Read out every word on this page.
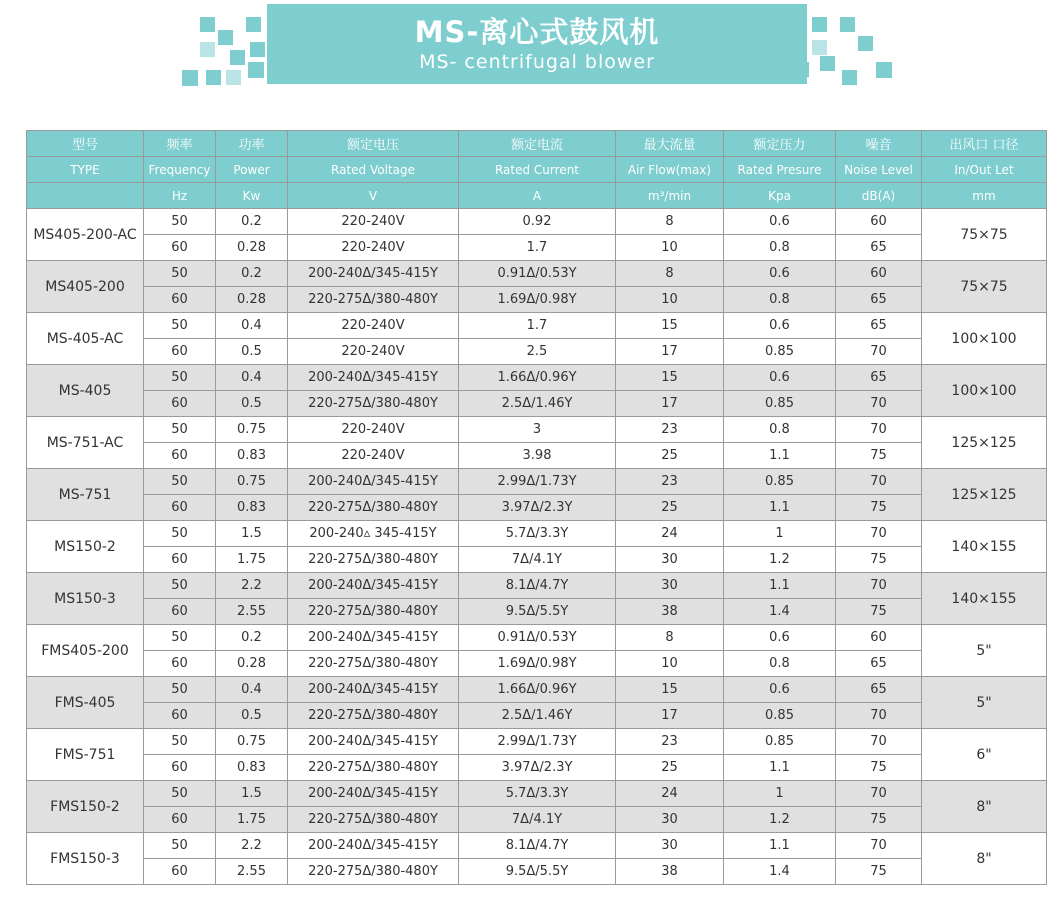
MS-离心式鼓风机
MS- centrifugal blower
型号	频率	功率	额定电压	额定电流	最大流量	额定压力	噪音	出风口 口径
TYPE	Frequency	Power	Rated Voltage	Rated Current	Air Flow(max)	Rated Presure	Noise Level	In/Out Let
	Hz	Kw	V	A	m³/min	Kpa	dB(A)	mm
MS405-200-AC	50	0.2	220-240V	0.92	8	0.6	60	75×75
	60	0.28	220-240V	1.7	10	0.8	65	
MS405-200	50	0.2	200-240Δ/345-415Y	0.91Δ/0.53Y	8	0.6	60	75×75
	60	0.28	220-275Δ/380-480Y	1.69Δ/0.98Y	10	0.8	65	
MS-405-AC	50	0.4	220-240V	1.7	15	0.6	65	100×100
	60	0.5	220-240V	2.5	17	0.85	70	
MS-405	50	0.4	200-240Δ/345-415Y	1.66Δ/0.96Y	15	0.6	65	100×100
	60	0.5	220-275Δ/380-480Y	2.5Δ/1.46Y	17	0.85	70	
MS-751-AC	50	0.75	220-240V	3	23	0.8	70	125×125
	60	0.83	220-240V	3.98	25	1.1	75	
MS-751	50	0.75	200-240Δ/345-415Y	2.99Δ/1.73Y	23	0.85	70	125×125
	60	0.83	220-275Δ/380-480Y	3.97Δ/2.3Y	25	1.1	75	
MS150-2	50	1.5	200-240▵ 345-415Y	5.7Δ/3.3Y	24	1	70	140×155
	60	1.75	220-275Δ/380-480Y	7Δ/4.1Y	30	1.2	75	
MS150-3	50	2.2	200-240Δ/345-415Y	8.1Δ/4.7Y	30	1.1	70	140×155
	60	2.55	220-275Δ/380-480Y	9.5Δ/5.5Y	38	1.4	75	
FMS405-200	50	0.2	200-240Δ/345-415Y	0.91Δ/0.53Y	8	0.6	60	5"
	60	0.28	220-275Δ/380-480Y	1.69Δ/0.98Y	10	0.8	65	
FMS-405	50	0.4	200-240Δ/345-415Y	1.66Δ/0.96Y	15	0.6	65	5"
	60	0.5	220-275Δ/380-480Y	2.5Δ/1.46Y	17	0.85	70	
FMS-751	50	0.75	200-240Δ/345-415Y	2.99Δ/1.73Y	23	0.85	70	6"
	60	0.83	220-275Δ/380-480Y	3.97Δ/2.3Y	25	1.1	75	
FMS150-2	50	1.5	200-240Δ/345-415Y	5.7Δ/3.3Y	24	1	70	8"
	60	1.75	220-275Δ/380-480Y	7Δ/4.1Y	30	1.2	75	
FMS150-3	50	2.2	200-240Δ/345-415Y	8.1Δ/4.7Y	30	1.1	70	8"
	60	2.55	220-275Δ/380-480Y	9.5Δ/5.5Y	38	1.4	75	
